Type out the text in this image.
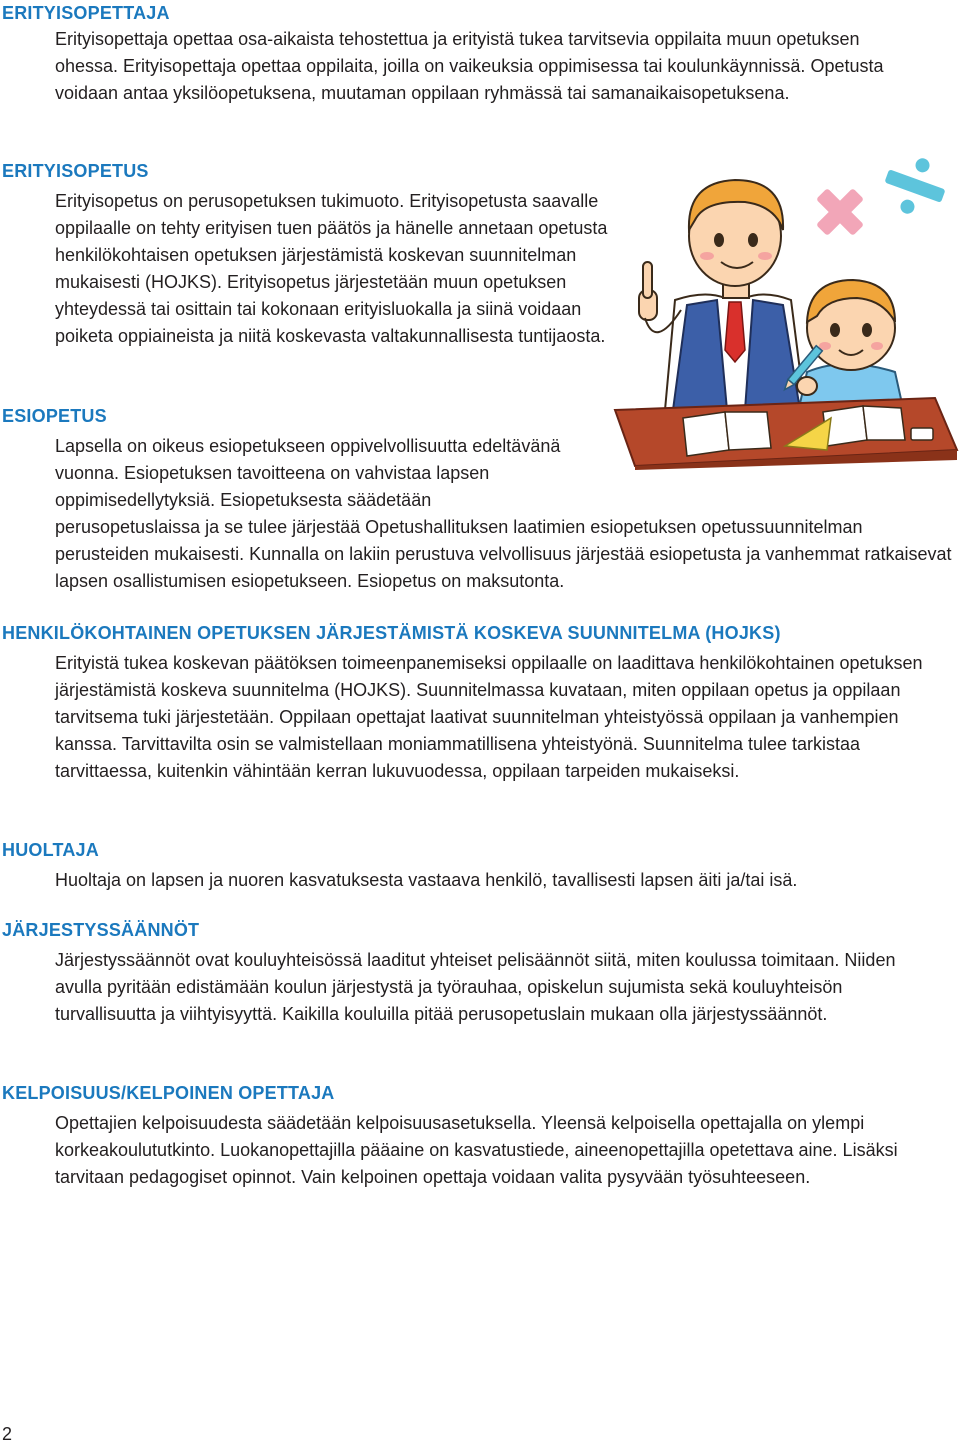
ERITYISOPETTAJA

Erityisopettaja opettaa osa-aikaista tehostettua ja erityistä tukea tarvitsevia oppilaita muun opetuksen ohessa. Erityisopettaja opettaa oppilaita, joilla on vaikeuksia oppimisessa tai koulunkäynnissä. Opetusta voidaan antaa yksilöopetuksena, muutaman oppilaan ryhmässä tai samanaikaisopetuksena.

ERITYISOPETUS

Erityisopetus on perusopetuksen tukimuoto. Erityisopetusta saavalle oppilaalle on tehty erityisen tuen päätös ja hänelle annetaan opetusta henkilökohtaisen opetuksen järjestämistä koskevan suunnitelman mukaisesti (HOJKS). Erityisopetus järjestetään muun opetuksen yhteydessä tai osittain tai kokonaan erityisluokalla ja siinä voidaan poiketa oppiaineista ja niitä koskevasta valtakunnallisesta tuntijaosta.

ESIOPETUS

Lapsella on oikeus esiopetukseen oppivelvollisuutta edeltävänä vuonna. Esiopetuksen tavoitteena on vahvistaa lapsen oppimisedellytyksiä. Esiopetuksesta säädetään perusopetuslaissa ja se tulee järjestää Opetushallituksen laatimien esiopetuksen opetussuunnitelman perusteiden mukaisesti. Kunnalla on lakiin perustuva velvollisuus järjestää esiopetusta ja vanhemmat ratkaisevat lapsen osallistumisen esiopetukseen. Esiopetus on maksutonta.

HENKILÖKOHTAINEN OPETUKSEN JÄRJESTÄMISTÄ KOSKEVA SUUNNITELMA (HOJKS)

Erityistä tukea koskevan päätöksen toimeenpanemiseksi oppilaalle on laadittava henkilökohtainen opetuksen järjestämistä koskeva suunnitelma (HOJKS). Suunnitelmassa kuvataan, miten oppilaan opetus ja oppilaan tarvitsema tuki järjestetään. Oppilaan opettajat laativat suunnitelman yhteistyössä oppilaan ja vanhempien kanssa. Tarvittavilta osin se valmistellaan moniammatillisena yhteistyönä. Suunnitelma tulee tarkistaa tarvittaessa, kuitenkin vähintään kerran lukuvuodessa, oppilaan tarpeiden mukaiseksi.

HUOLTAJA

Huoltaja on lapsen ja nuoren kasvatuksesta vastaava henkilö, tavallisesti lapsen äiti ja/tai isä.

JÄRJESTYSSÄÄNNÖT

Järjestyssäännöt ovat kouluyhteisössä laaditut yhteiset pelisäännöt siitä, miten koulussa toimitaan. Niiden avulla pyritään edistämään koulun järjestystä ja työrauhaa, opiskelun sujumista sekä kouluyhteisön turvallisuutta ja viihtyisyyttä. Kaikilla kouluilla pitää perusopetuslain mukaan olla järjestyssäännöt.

KELPOISUUS/KELPOINEN OPETTAJA

Opettajien kelpoisuudesta säädetään kelpoisuusasetuksella. Yleensä kelpoisella opettajalla on ylempi korkeakoulututkinto. Luokanopettajilla pääaine on kasvatustiede, aineenopettajilla opetettava aine. Lisäksi tarvitaan pedagogiset opinnot. Vain kelpoinen opettaja voidaan valita pysyvään työsuhteeseen.

2
